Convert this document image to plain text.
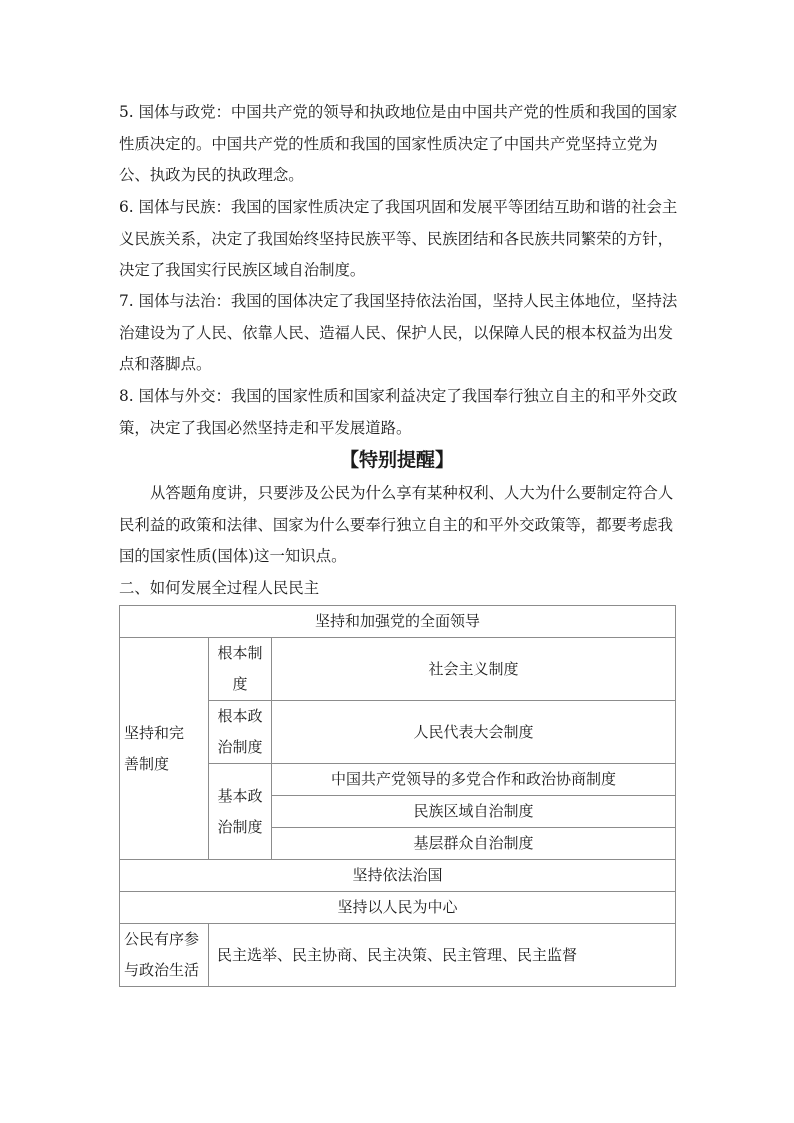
5. 国体与政党：中国共产党的领导和执政地位是由中国共产党的性质和我国的国家性质决定的。中国共产党的性质和我国的国家性质决定了中国共产党坚持立党为公、执政为民的执政理念。

6. 国体与民族：我国的国家性质决定了我国巩固和发展平等团结互助和谐的社会主义民族关系，决定了我国始终坚持民族平等、民族团结和各民族共同繁荣的方针，决定了我国实行民族区域自治制度。

7. 国体与法治：我国的国体决定了我国坚持依法治国，坚持人民主体地位，坚持法治建设为了人民、依靠人民、造福人民、保护人民，以保障人民的根本权益为出发点和落脚点。

8. 国体与外交：我国的国家性质和国家利益决定了我国奉行独立自主的和平外交政策，决定了我国必然坚持走和平发展道路。

【特别提醒】

从答题角度讲，只要涉及公民为什么享有某种权利、人大为什么要制定符合人民利益的政策和法律、国家为什么要奉行独立自主的和平外交政策等，都要考虑我国的国家性质(国体)这一知识点。

二、如何发展全过程人民民主

坚持和加强党的全面领导		

坚持和完善制度	根本制度	社会主义制度

	根本政治制度	人民代表大会制度

	基本政治制度	中国共产党领导的多党合作和政治协商制度
		民族区域自治制度
		基层群众自治制度
坚持依法治国		
坚持以人民为中心		

公民有序参与政治生活	民主选举、民主协商、民主决策、民主管理、民主监督	
